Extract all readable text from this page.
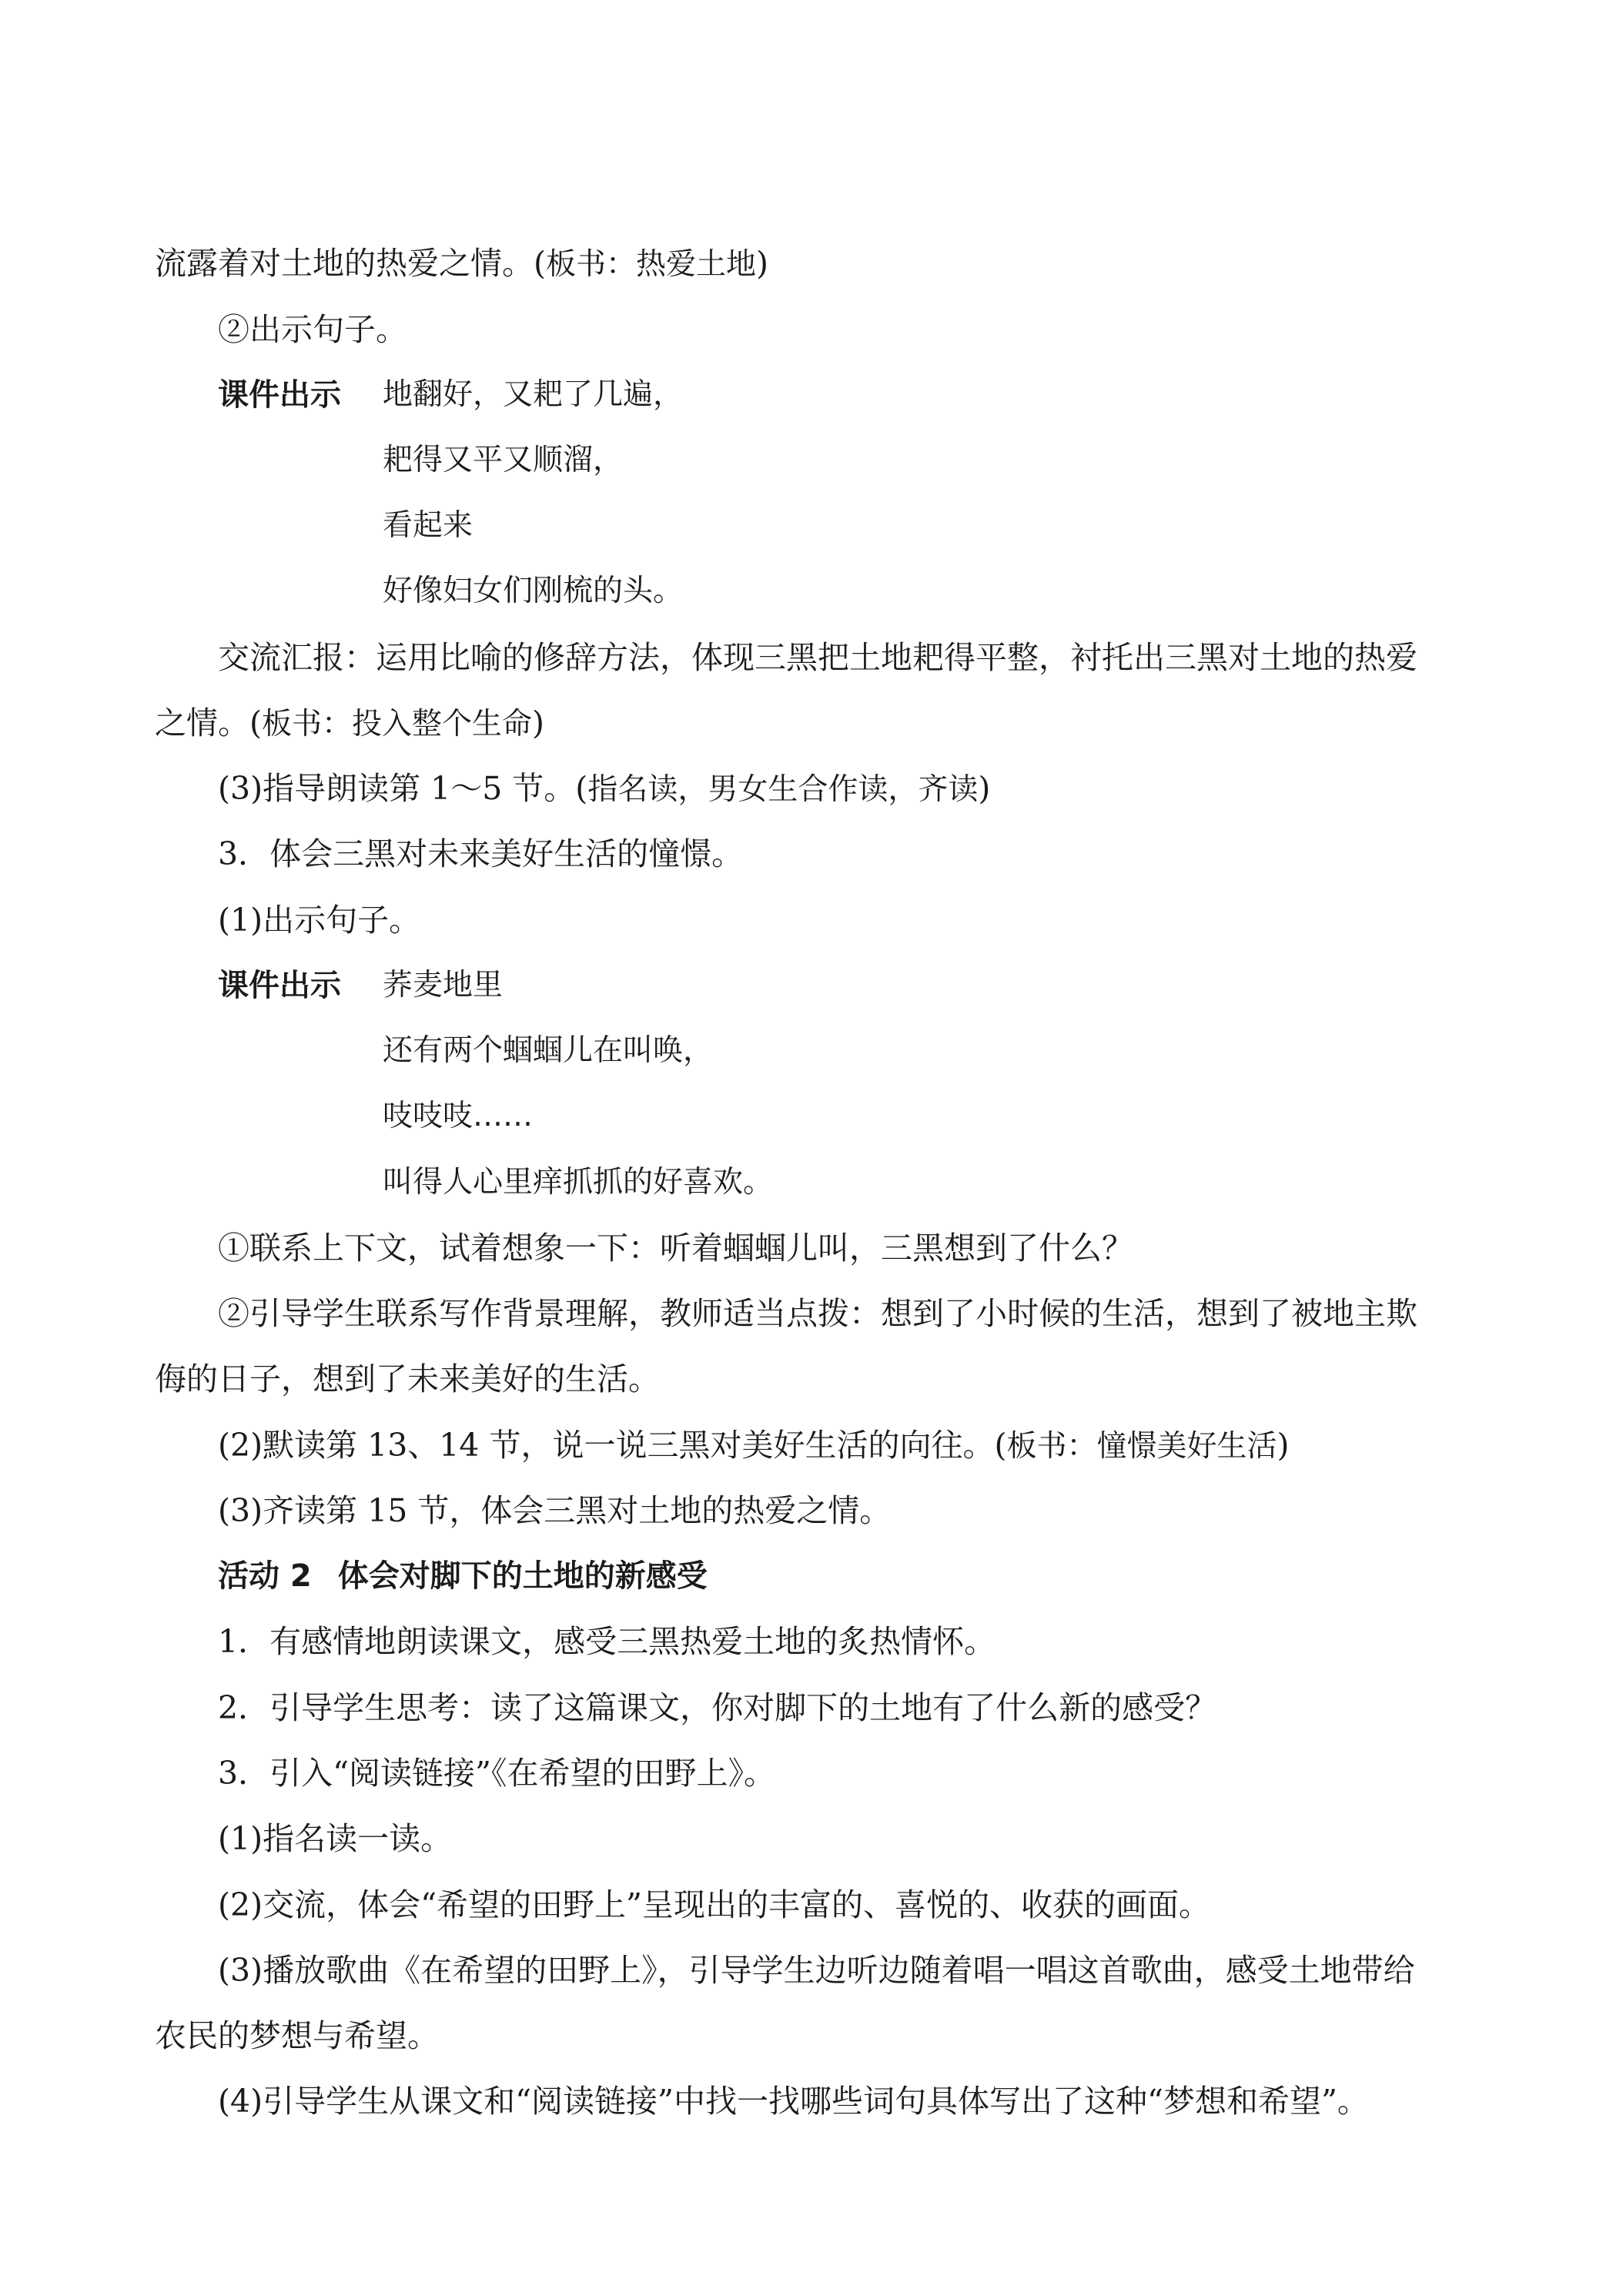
流露着对土地的热爱之情。(板书：热爱土地)
②出示句子。
课件出示 地翻好，又耙了几遍，
耙得又平又顺溜，
看起来
好像妇女们刚梳的头。
交流汇报：运用比喻的修辞方法，体现三黑把土地耙得平整，衬托出三黑对土地的热爱
之情。(板书：投入整个生命)
(3)指导朗读第 1～5 节。(指名读，男女生合作读，齐读)
3．体会三黑对未来美好生活的憧憬。
(1)出示句子。
课件出示 荞麦地里
还有两个蝈蝈儿在叫唤，
吱吱吱……
叫得人心里痒抓抓的好喜欢。
①联系上下文，试着想象一下：听着蝈蝈儿叫，三黑想到了什么？
②引导学生联系写作背景理解，教师适当点拨：想到了小时候的生活，想到了被地主欺
侮的日子，想到了未来美好的生活。
(2)默读第 13、14 节，说一说三黑对美好生活的向往。(板书：憧憬美好生活)
(3)齐读第 15 节，体会三黑对土地的热爱之情。
活动 2 体会对脚下的土地的新感受
1．有感情地朗读课文，感受三黑热爱土地的炙热情怀。
2．引导学生思考：读了这篇课文，你对脚下的土地有了什么新的感受？
3．引入“阅读链接”《在希望的田野上》。
(1)指名读一读。
(2)交流，体会“希望的田野上”呈现出的丰富的、喜悦的、收获的画面。
(3)播放歌曲《在希望的田野上》，引导学生边听边随着唱一唱这首歌曲，感受土地带给
农民的梦想与希望。
(4)引导学生从课文和“阅读链接”中找一找哪些词句具体写出了这种“梦想和希望”。
